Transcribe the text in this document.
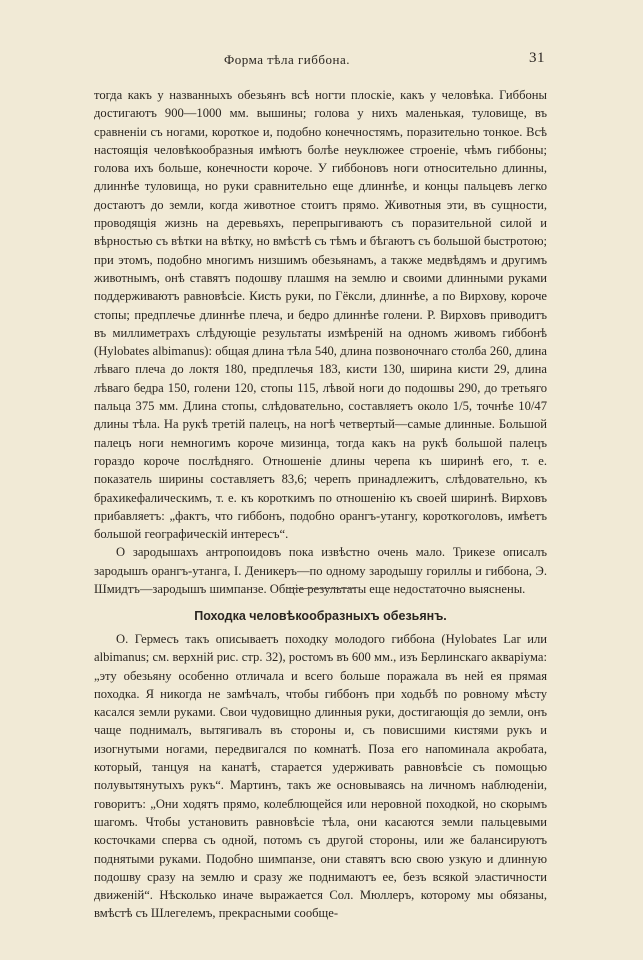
Форма тѣла гиббона.	31

тогда какъ у названныхъ обезьянъ всѣ ногти плоскіе, какъ у человѣка. Гиббоны достигаютъ 900—1000 мм. вышины; голова у нихъ маленькая, туловище, въ сравненіи съ ногами, короткое и, подобно конечностямъ, поразительно тонкое. Всѣ настоящія человѣкообразныя имѣютъ болѣе неуклюжее строеніе, чѣмъ гиббоны; голова ихъ больше, конечности короче. У гиббоновъ ноги относительно длинны, длиннѣе туловища, но руки сравнительно еще длиннѣе, и концы пальцевъ легко достаютъ до земли, когда животное стоитъ прямо. Животныя эти, въ сущности, проводящія жизнь на деревьяхъ, перепрыгиваютъ съ поразительной силой и вѣрностью съ вѣтки на вѣтку, но вмѣстѣ съ тѣмъ и бѣгаютъ съ большой быстротою; при этомъ, подобно многимъ низшимъ обезьянамъ, а также медвѣдямъ и другимъ животнымъ, онѣ ставятъ подошву плашмя на землю и своими длинными руками поддерживаютъ равновѣсіе. Кисть руки, по Гёксли, длиннѣе, а по Вирхову, короче стопы; предплечье длиннѣе плеча, и бедро длиннѣе голени. Р. Вирховъ приводитъ въ миллиметрахъ слѣдующіе результаты измѣреній на одномъ живомъ гиббонѣ (Hylobates albimanus): общая длина тѣла 540, длина позвоночнаго столба 260, длина лѣваго плеча до локтя 180, предплечья 183, кисти 130, ширина кисти 29, длина лѣваго бедра 150, голени 120, стопы 115, лѣвой ноги до подошвы 290, до третьяго пальца 375 мм. Длина стопы, слѣдовательно, составляетъ около 1/5, точнѣе 10/47 длины тѣла. На рукѣ третій палецъ, на ногѣ четвертый—самые длинные. Большой палецъ ноги немногимъ короче мизинца, тогда какъ на рукѣ большой палецъ гораздо короче послѣдняго. Отношеніе длины черепа къ ширинѣ его, т. е. показатель ширины составляетъ 83,6; черепъ принадлежитъ, слѣдовательно, къ брахикефалическимъ, т. е. къ короткимъ по отношенію къ своей ширинѣ. Вирховъ прибавляетъ: „фактъ, что гиббонъ, подобно орангъ-утангу, короткоголовъ, имѣетъ большой географическій интересъ“.

О зародышахъ антропоидовъ пока извѣстно очень мало. Трикезе описалъ зародышъ орангъ-утанга, I. Деникеръ—по одному зародышу гориллы и гиббона, Э. Шмидтъ—зародышъ шимпанзе. Общіе результаты еще недостаточно выяснены.

Походка человѣкообразныхъ обезьянъ.

О. Гермесъ такъ описываетъ походку молодого гиббона (Hylobates Lar или albimanus; см. верхній рис. стр. 32), ростомъ въ 600 мм., изъ Берлинскаго акваріума: „эту обезьяну особенно отличала и всего больше поражала въ ней ея прямая походка. Я никогда не замѣчалъ, чтобы гиббонъ при ходьбѣ по ровному мѣсту касался земли руками. Свои чудовищно длинныя руки, достигающія до земли, онъ чаще поднималъ, вытягивалъ въ стороны и, съ повисшими кистями рукъ и изогнутыми ногами, передвигался по комнатѣ. Поза его напоминала акробата, который, танцуя на канатѣ, старается удерживать равновѣсіе съ помощью полувытянутыхъ рукъ“. Мартинъ, такъ же основываясь на личномъ наблюденіи, говоритъ: „Они ходятъ прямо, колеблющейся или неровной походкой, но скорымъ шагомъ. Чтобы установить равновѣсіе тѣла, они касаются земли пальцевыми косточками сперва съ одной, потомъ съ другой стороны, или же балансируютъ поднятыми руками. Подобно шимпанзе, они ставятъ всю свою узкую и длинную подошву сразу на землю и сразу же поднимаютъ ее, безъ всякой эластичности движеній“. Нѣсколько иначе выражается Сол. Мюллеръ, которому мы обязаны, вмѣстѣ съ Шлегелемъ, прекрасными сообще-
